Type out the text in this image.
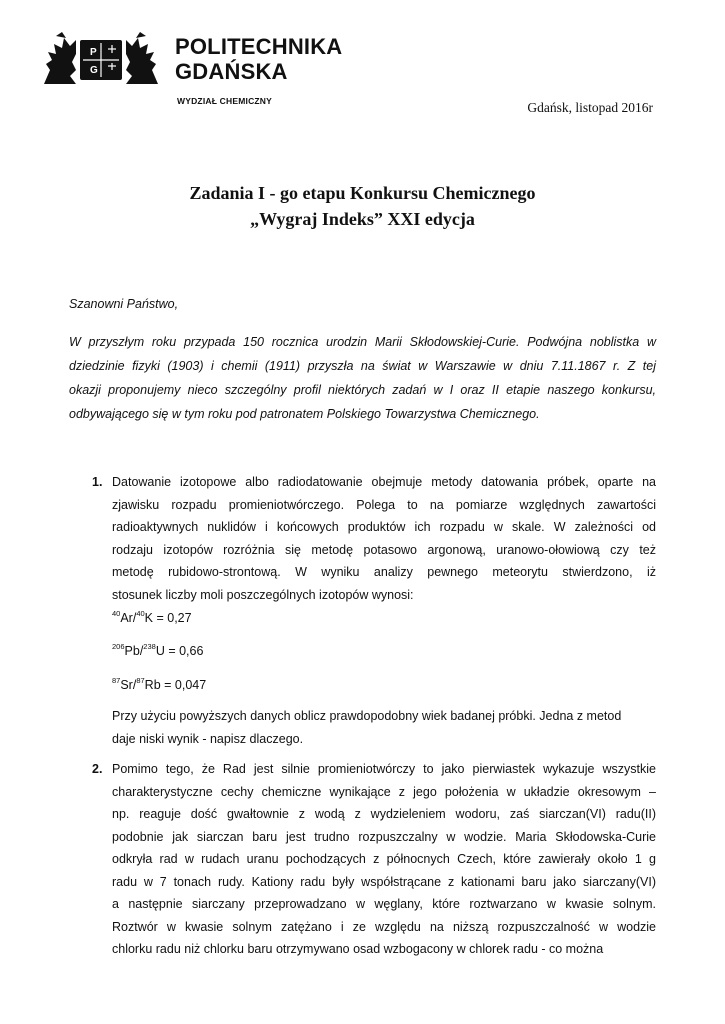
P
G
POLITECHNIKA
GDAŃSKA
WYDZIAŁ CHEMICZNY	Gdańsk, listopad 2016r
Zadania I - go etapu Konkursu Chemicznego
„Wygraj Indeks” XXI edycja
Szanowni Państwo,
W przyszłym roku przypada 150 rocznica urodzin Marii Skłodowskiej-Curie. Podwójna noblistka w
dziedzinie fizyki (1903) i chemii (1911) przyszła na świat w Warszawie w dniu 7.11.1867 r. Z tej
okazji proponujemy nieco szczególny profil niektórych zadań w I oraz II etapie naszego konkursu,
odbywającego się w tym roku pod patronatem Polskiego Towarzystwa Chemicznego.
1. Datowanie izotopowe albo radiodatowanie obejmuje metody datowania próbek, oparte na
zjawisku rozpadu promieniotwórczego. Polega to na pomiarze względnych zawartości
radioaktywnych nuklidów i końcowych produktów ich rozpadu w skale. W zależności od
rodzaju izotopów rozróżnia się metodę potasowo argonową, uranowo-ołowiową czy też
metodę rubidowo-strontową. W wyniku analizy pewnego meteorytu stwierdzono, iż
stosunek liczby moli poszczególnych izotopów wynosi:
$^{40}$Ar/$^{40}$K = 0,27
$^{206}$Pb/$^{238}$U = 0,66
$^{87}$Sr/$^{87}$Rb = 0,047
Przy użyciu powyższych danych oblicz prawdopodobny wiek badanej próbki. Jedna z metod
daje niski wynik - napisz dlaczego.
2. Pomimo tego, że Rad jest silnie promieniotwórczy to jako pierwiastek wykazuje wszystkie
charakterystyczne cechy chemiczne wynikające z jego położenia w układzie okresowym –
np. reaguje dość gwałtownie z wodą z wydzieleniem wodoru, zaś siarczan(VI) radu(II)
podobnie jak siarczan baru jest trudno rozpuszczalny w wodzie. Maria Skłodowska-Curie
odkryła rad w rudach uranu pochodzących z północnych Czech, które zawierały około 1 g
radu w 7 tonach rudy. Kationy radu były współstrącane z kationami baru jako siarczany(VI)
a następnie siarczany przeprowadzano w węglany, które roztwarzano w kwasie solnym.
Roztwór w kwasie solnym zatężano i ze względu na niższą rozpuszczalność w wodzie
chlorku radu niż chlorku baru otrzymywano osad wzbogacony w chlorek radu - co można
